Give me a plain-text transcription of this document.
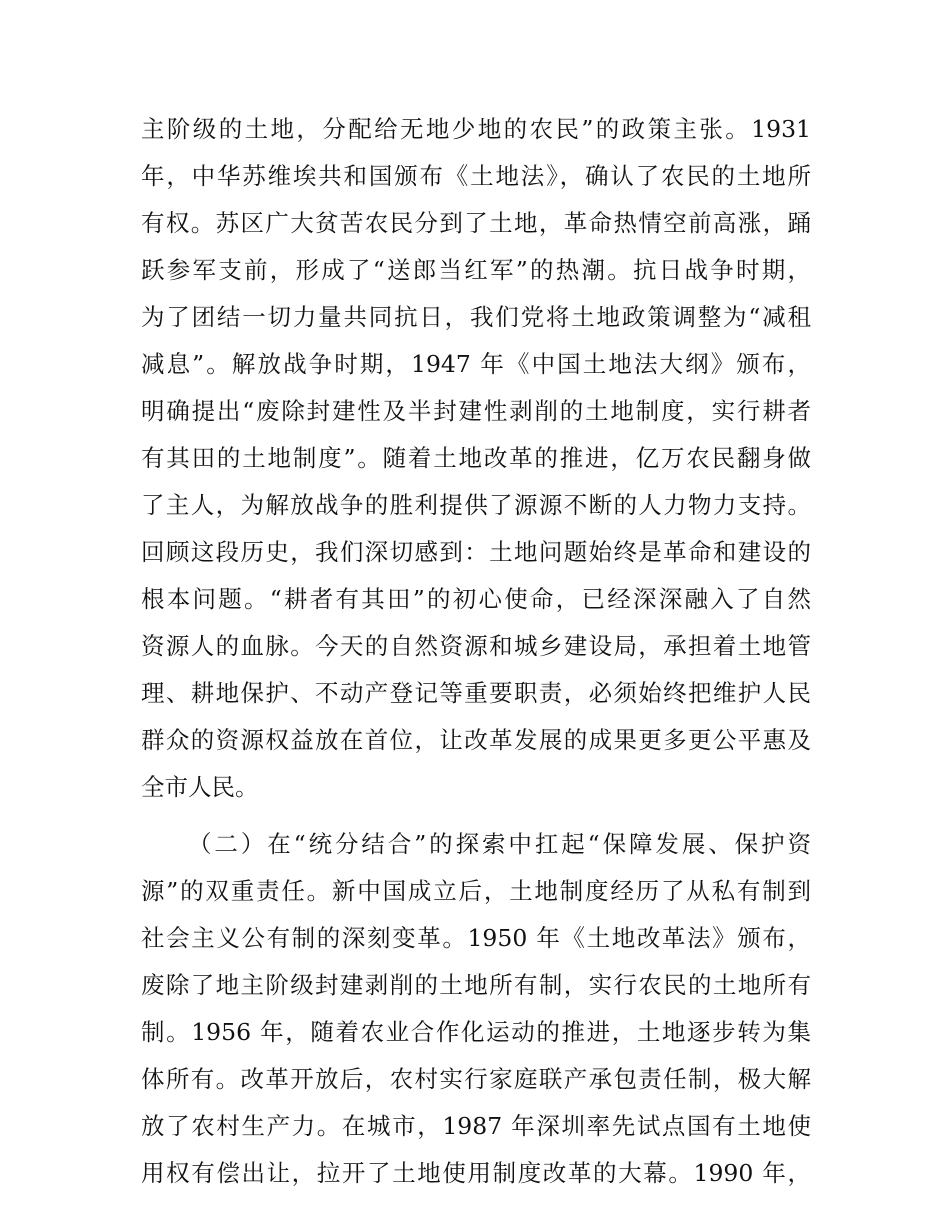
主阶级的土地，分配给无地少地的农民”的政策主张。1931
年，中华苏维埃共和国颁布《土地法》，确认了农民的土地所
有权。苏区广大贫苦农民分到了土地，革命热情空前高涨，踊
跃参军支前，形成了“送郎当红军”的热潮。抗日战争时期，
为了团结一切力量共同抗日，我们党将土地政策调整为“减租
减息”。解放战争时期，1947 年《中国土地法大纲》颁布，
明确提出“废除封建性及半封建性剥削的土地制度，实行耕者
有其田的土地制度”。随着土地改革的推进，亿万农民翻身做
了主人，为解放战争的胜利提供了源源不断的人力物力支持。
回顾这段历史，我们深切感到：土地问题始终是革命和建设的
根本问题。“耕者有其田”的初心使命，已经深深融入了自然
资源人的血脉。今天的自然资源和城乡建设局，承担着土地管
理、耕地保护、不动产登记等重要职责，必须始终把维护人民
群众的资源权益放在首位，让改革发展的成果更多更公平惠及
全市人民。
（二）在“统分结合”的探索中扛起“保障发展、保护资
源”的双重责任。新中国成立后，土地制度经历了从私有制到
社会主义公有制的深刻变革。1950 年《土地改革法》颁布，
废除了地主阶级封建剥削的土地所有制，实行农民的土地所有
制。1956 年，随着农业合作化运动的推进，土地逐步转为集
体所有。改革开放后，农村实行家庭联产承包责任制，极大解
放了农村生产力。在城市，1987 年深圳率先试点国有土地使
用权有偿出让，拉开了土地使用制度改革的大幕。1990 年，
